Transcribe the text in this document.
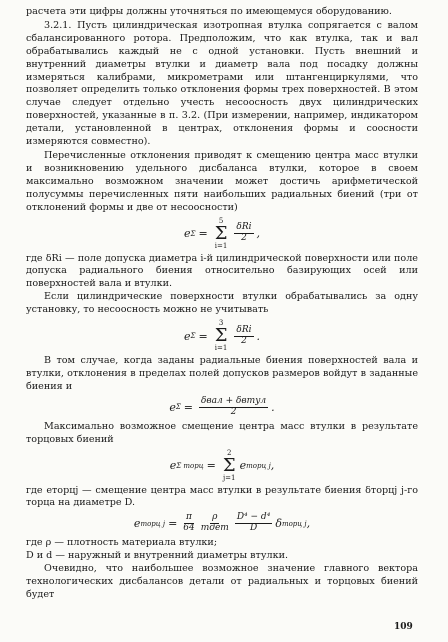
расчета эти цифры должны уточняться по имеющемуся оборудованию.

3.2.1. Пусть цилиндрическая изотропная втулка сопрягается с валом сбалансированного ротора. Предположим, что как втулка, так и вал обрабатывались каждый не с одной установки. Пусть внешний и внутренний диаметры втулки и диаметр вала под посадку должны измеряться калибрами, микрометрами или штангенциркулями, что позволяет определить только отклонения формы трех поверхностей. В этом случае следует отдельно учесть несоосность двух цилиндрических поверхностей, указанные в п. 3.2. (При измерении, например, индикатором детали, установленной в центрах, отклонения формы и соосности измеряются совместно).

Перечисленные отклонения приводят к смещению центра масс втулки и возникновению удельного дисбаланса втулки, которое в своем максимально возможном значении может достичь арифметической полусуммы перечисленных пяти наибольших радиальных биений (три от отклонений формы и две от несоосности)

e Σ =
5
Σ
i=1
$\frac{\text{δRi}}{2}$ ,

где δRi — поле допуска диаметра i-й цилиндрической поверхности или поле допуска радиального биения относительно базирующих осей или поверхностей вала и втулки.

Если цилиндрические поверхности втулки обрабатывались за одну установку, то несоосность можно не учитывать

e Σ =
3
Σ
i=1
$\frac{\text{δRi}}{2}$ .

В том случае, когда заданы радиальные биения поверхностей вала и втулки, отклонения в пределах полей допусков размеров войдут в заданные биения и

e $\Sigma = \frac{\text{δвал + δвтул}}{2}$ .

Максимально возможное смещение центра масс втулки в результате торцовых биений

e Σ торц =
2
Σ
j=1
e торц j ,

где eторцj — смещение центра масс втулки в результате биения δторцj j-го торца на диаметре D.

e торц $j = \frac{\pi}{64} \frac{\rho}{\text{mдет}} \frac{\text{D⁴ − d⁴}}{D}$ δ торц j ,

где ρ — плотность материала втулки;

D и d — наружный и внутренний диаметры втулки.

Очевидно, что наибольшее возможное значение главного вектора технологических дисбалансов детали от радиальных и торцовых биений будет

109
